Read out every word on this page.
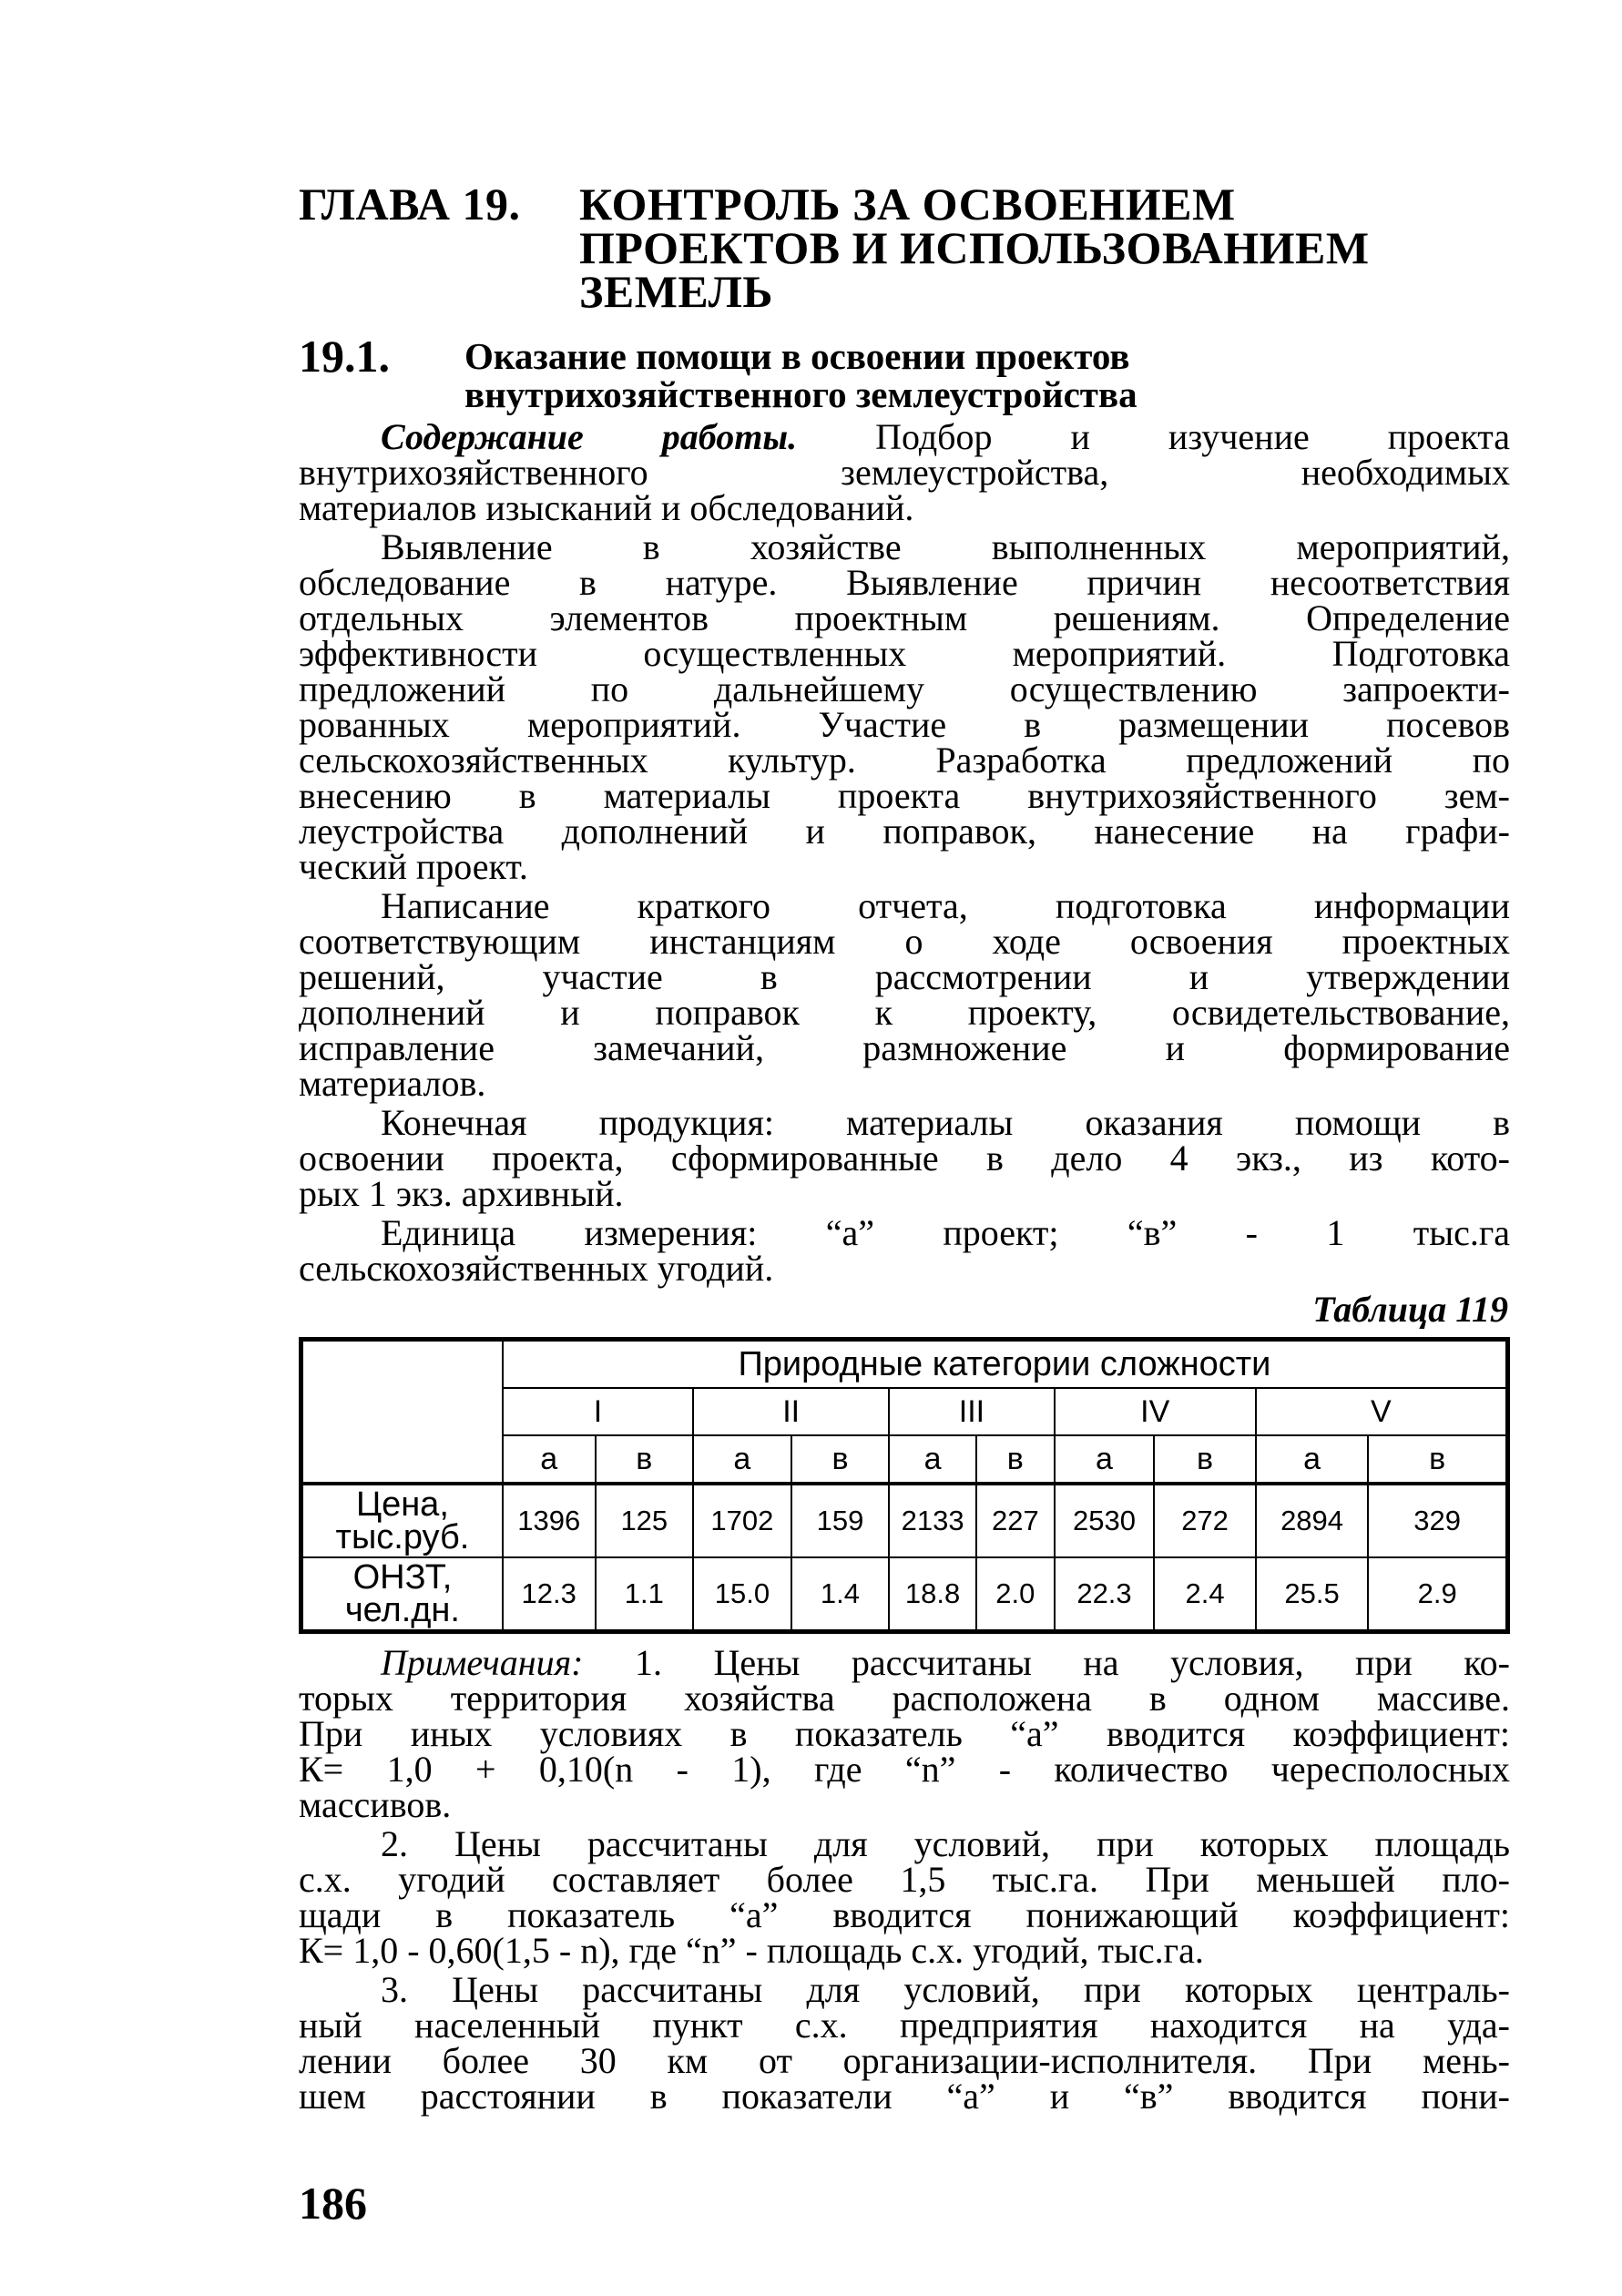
ГЛАВА 19.	КОНТРОЛЬ ЗА ОСВОЕНИЕМ
ПРОЕКТОВ И ИСПОЛЬЗОВАНИЕМ
ЗЕМЕЛЬ
19.1.	Оказание помощи в освоении проектов
внутрихозяйственного землеустройства

Содержание работы. Подбор и изучение проекта
внутрихозяйственного землеустройства, необходимых
материалов изысканий и обследований.

Выявление в хозяйстве выполненных мероприятий,
обследование в натуре. Выявление причин несоответствия
отдельных элементов проектным решениям. Определение
эффективности осуществленных мероприятий. Подготовка
предложений по дальнейшему осуществлению запроекти-
рованных мероприятий. Участие в размещении посевов
сельскохозяйственных культур. Разработка предложений по
внесению в материалы проекта внутрихозяйственного зем-
леустройства дополнений и поправок, нанесение на графи-
ческий проект.

Написание краткого отчета, подготовка информации
соответствующим инстанциям о ходе освоения проектных
решений, участие в рассмотрении и утверждении
дополнений и поправок к проекту, освидетельствование,
исправление замечаний, размножение и формирование
материалов.

Конечная продукция: материалы оказания помощи в
освоении проекта, сформированные в дело 4 экз., из кото-
рых 1 экз. архивный.

Единица измерения: “а” проект; “в” - 1 тыс.га
сельскохозяйственных угодий.

Таблица 119
	Природные категории сложности									
	I		II		III		IV		V	
	а	в	а	в	а	в	а	в	а	в
Цена,
тыс.руб.	1396	125	1702	159	2133	227	2530	272	2894	329
ОНЗТ,
чел.дн.	12.3	1.1	15.0	1.4	18.8	2.0	22.3	2.4	25.5	2.9

Примечания: 1. Цены рассчитаны на условия, при ко-
торых территория хозяйства расположена в одном массиве.
При иных условиях в показатель “а” вводится коэффициент:
К= 1,0 + 0,10(n - 1), где “n” - количество чересполосных
массивов.

2. Цены рассчитаны для условий, при которых площадь
с.х. угодий составляет более 1,5 тыс.га. При меньшей пло-
щади в показатель “а” вводится понижающий коэффициент:
К= 1,0 - 0,60(1,5 - n), где “n” - площадь с.х. угодий, тыс.га.

3. Цены рассчитаны для условий, при которых централь-
ный населенный пункт с.х. предприятия находится на уда-
лении более 30 км от организации-исполнителя. При мень-
шем расстоянии в показатели “а” и “в” вводится пони-

186
